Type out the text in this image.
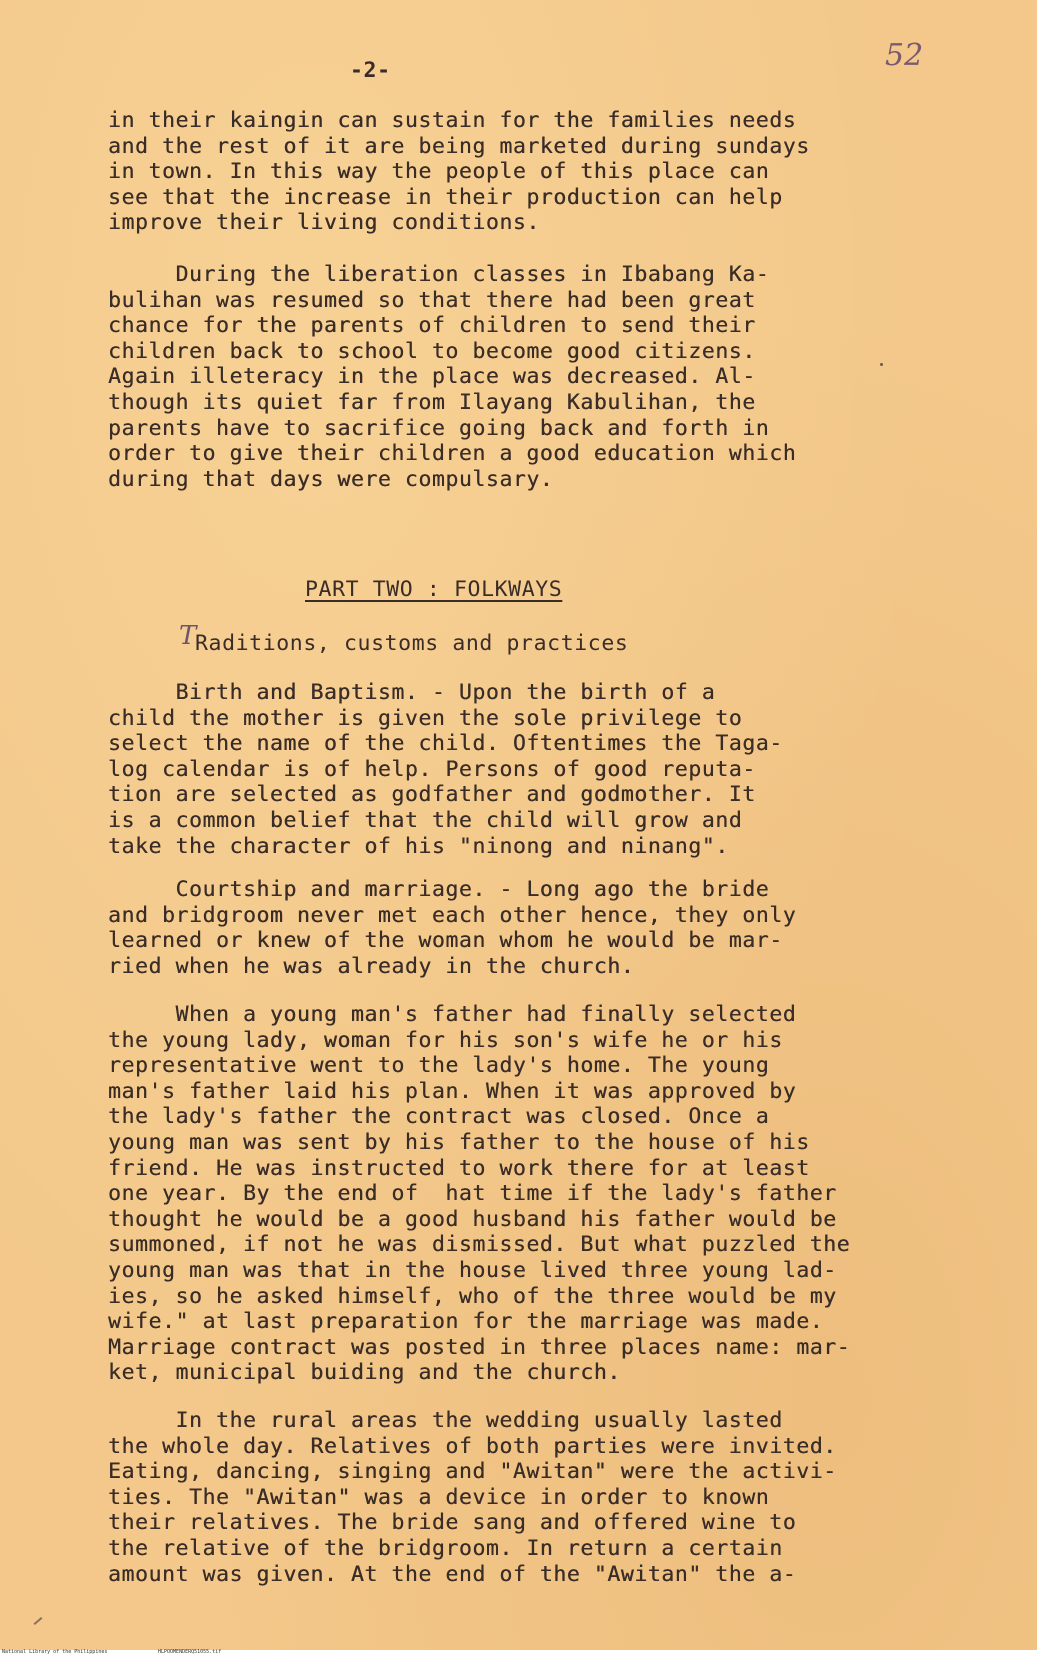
-2-	52

in their kaingin can sustain for the families needs
and the rest of it are being marketed during sundays
in town. In this way the people of this place can
see that the increase in their production can help
improve their living conditions.
During the liberation classes in Ibabang Ka-
bulihan was resumed so that there had been great
chance for the parents of children to send their
children back to school to become good citizens.
Again illeteracy in the place was decreased. Al-
though its quiet far from Ilayang Kabulihan, the
parents have to sacrifice going back and forth in
order to give their children a good education which
during that days were compulsary.

PART TWO : FOLKWAYS

T
Raditions, customs and practices

Birth and Baptism. - Upon the birth of a
child the mother is given the sole privilege to
select the name of the child. Oftentimes the Taga-
log calendar is of help. Persons of good reputa-
tion are selected as godfather and godmother. It
is a common belief that the child will grow and
take the character of his "ninong and ninang".
Courtship and marriage. - Long ago the bride
and bridgroom never met each other hence, they only
learned or knew of the woman whom he would be mar-
ried when he was already in the church.
When a young man's father had finally selected
the young lady, woman for his son's wife he or his
representative went to the lady's home. The young
man's father laid his plan. When it was approved by
the lady's father the contract was closed. Once a
young man was sent by his father to the house of his
friend. He was instructed to work there for at least
one year. By the end of  hat time if the lady's father
thought he would be a good husband his father would be
summoned, if not he was dismissed. But what puzzled the
young man was that in the house lived three young lad-
ies, so he asked himself, who of the three would be my
wife." at last preparation for the marriage was made.
Marriage contract was posted in three places name: mar-
ket, municipal buiding and the church.
In the rural areas the wedding usually lasted
the whole day. Relatives of both parties were invited.
Eating, dancing, singing and "Awitan" were the activi-
ties. The "Awitan" was a device in order to known
their relatives. The bride sang and offered wine to
the relative of the bridgroom. In return a certain
amount was given. At the end of the "Awitan" the a-
National Library of the Philippines	HLPOOMENDERQ51055.tif
